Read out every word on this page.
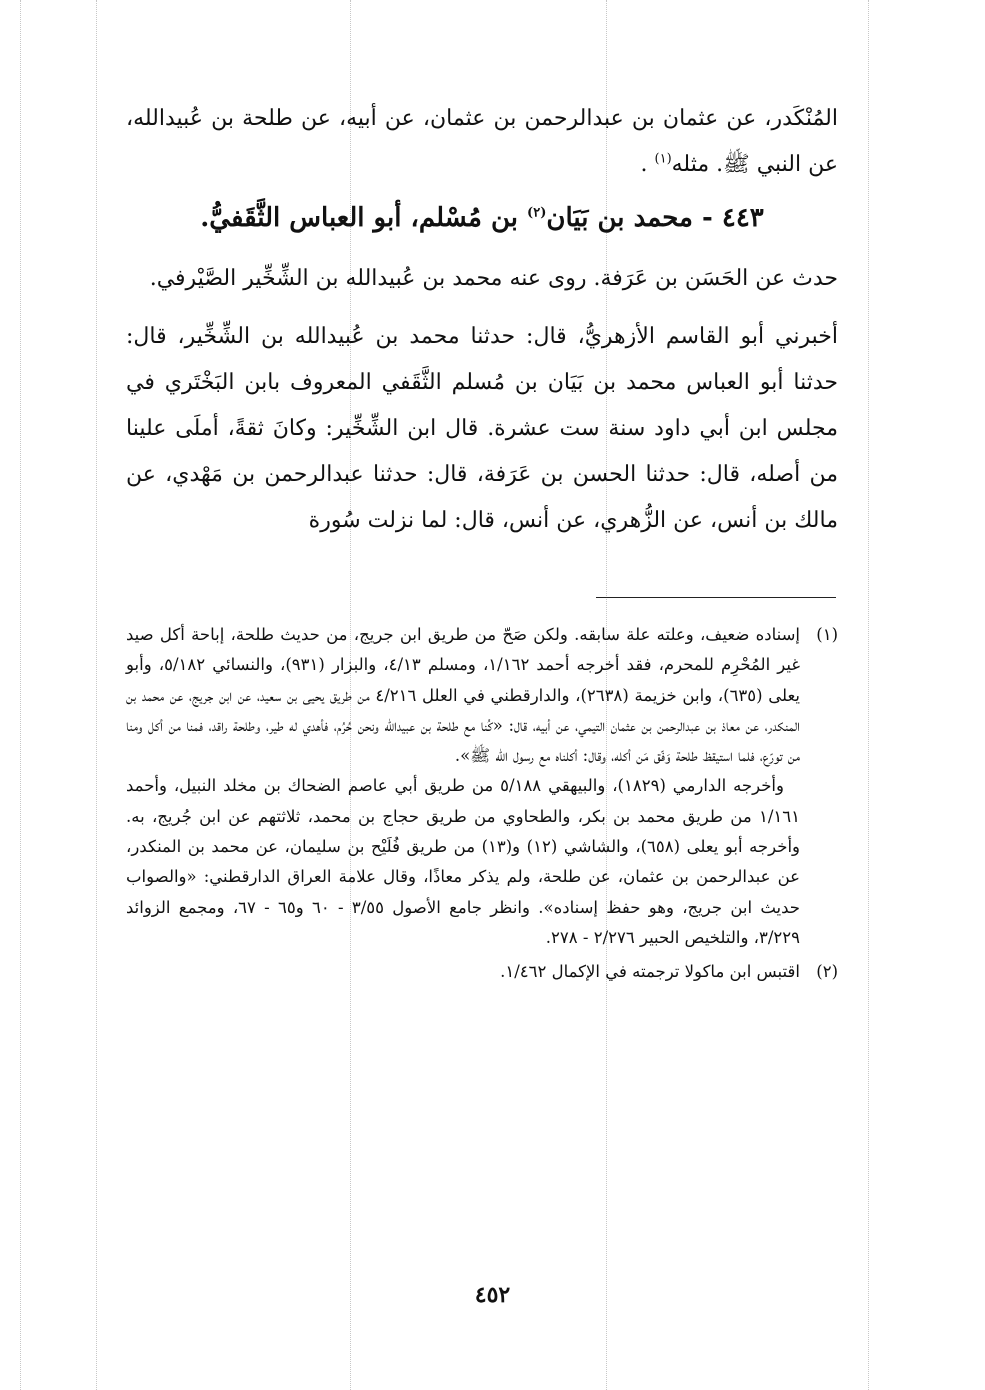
المُنْكَدر، عن عثمان بن عبدالرحمن بن عثمان، عن أبيه، عن طلحة بن عُبيدالله، عن النبي ﷺ. مثله$^{(١)}$ .

٤٤٣ - محمد بن بَيَان$^{(٢)}$ بن مُسْلم، أبو العباس الثَّقَفيُّ.

حدث عن الحَسَن بن عَرَفة. روى عنه محمد بن عُبيدالله بن الشِّخِّير الصَّيْرفي.

أخبرني أبو القاسم الأزهريُّ، قال: حدثنا محمد بن عُبيدالله بن الشِّخِّير، قال: حدثنا أبو العباس محمد بن بَيَان بن مُسلم الثَّقَفي المعروف بابن البَخْتَري في مجلس ابن أبي داود سنة ست عشرة. قال ابن الشِّخِّير: وكانَ ثقةً، أملَى علينا من أصله، قال: حدثنا الحسن بن عَرَفة، قال: حدثنا عبدالرحمن بن مَهْدي، عن مالك بن أنس، عن الزُّهري، عن أنس، قال: لما نزلت سُورة

(١)
إسناده ضعيف، وعلته علة سابقه. ولكن صَحّ من طريق ابن جريج، من حديث طلحة، إباحة أكل صيد غير المُحْرِم للمحرم، فقد أخرجه أحمد ١/١٦٢، ومسلم ٤/١٣، والبزار (٩٣١)، والنسائي ٥/١٨٢، وأبو يعلى (٦٣٥)، وابن خزيمة (٢٦٣٨)، والدارقطني في العلل ٤/٢١٦ من طريق يحيى بن سعيد، عن ابن جريج، عن محمد بن المنكدر، عن معاذ بن عبدالرحمن بن عثمان التيمي، عن أبيه، قال: «كُنا مع طلحة بن عبيدالله ونحن حُرُم، فأهدي له طير، وطلحة راقد، فمنا من أكل ومنا من تورّع، فلما استيقظ طلحة وَفّق مَن أكله، وقال: أكلناه مع رسول الله ﷺ».

وأخرجه الدارمي (١٨٢٩)، والبيهقي ٥/١٨٨ من طريق أبي عاصم الضحاك بن مخلد النبيل، وأحمد ١/١٦١ من طريق محمد بن بكر، والطحاوي من طريق حجاج بن محمد، ثلاثتهم عن ابن جُريج، به. وأخرجه أبو يعلى (٦٥٨)، والشاشي (١٢) و(١٣) من طريق فُلَيْح بن سليمان، عن محمد بن المنكدر، عن عبدالرحمن بن عثمان، عن طلحة، ولم يذكر معاذًا، وقال علامة العراق الدارقطني: «والصواب حديث ابن جريج، وهو حفظ إسناده». وانظر جامع الأصول ٣/٥٥ - ٦٠ و٦٥ - ٦٧، ومجمع الزوائد ٣/٢٢٩، والتلخيص الحبير ٢/٢٧٦ - ٢٧٨.

(٢)
اقتبس ابن ماكولا ترجمته في الإكمال ١/٤٦٢.

٤٥٢
